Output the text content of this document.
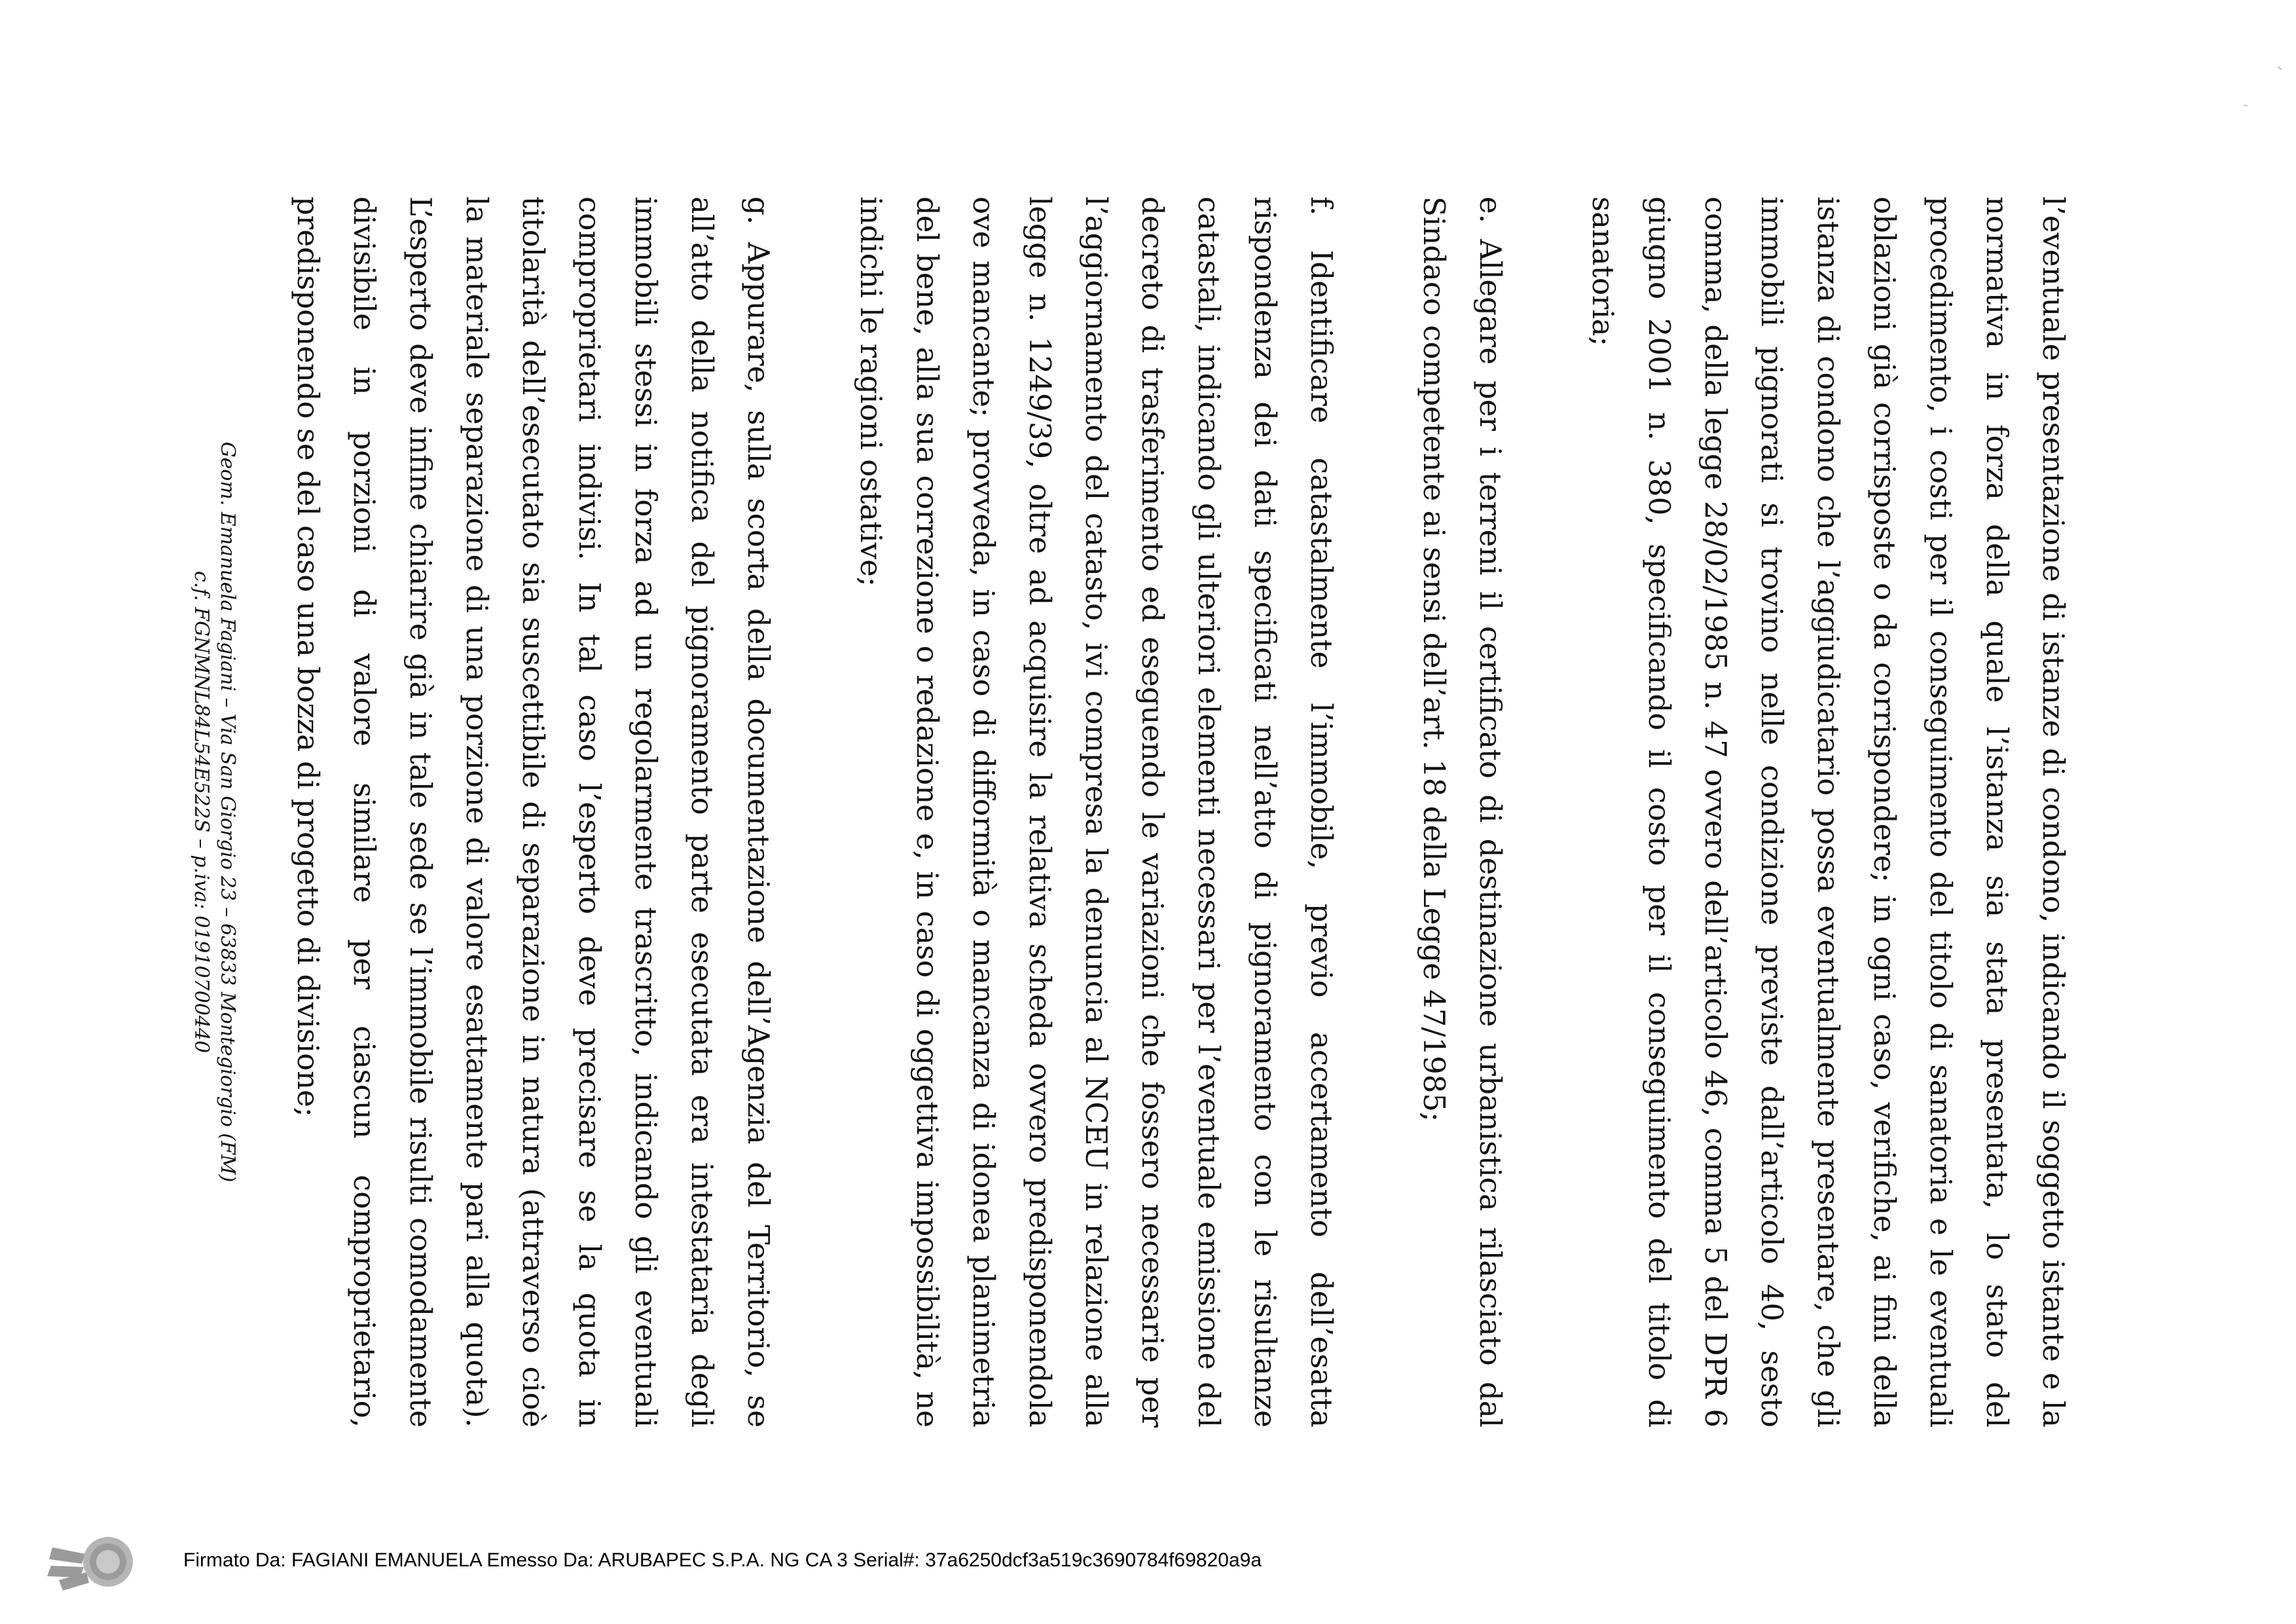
l’eventuale presentazione di istanze di condono, indicando il soggetto istante e la normativa in forza della quale l’istanza sia stata presentata, lo stato del procedimento, i costi per il conseguimento del titolo di sanatoria e le eventuali oblazioni già corrisposte o da corrispondere; in ogni caso, verifiche, ai fini della istanza di condono che l’aggiudicatario possa eventualmente presentare, che gli immobili pignorati si trovino nelle condizione previste dall’articolo 40, sesto comma, della legge 28/02/1985 n. 47 ovvero dell’articolo 46, comma 5 del DPR 6 giugno 2001 n. 380, specificando il costo per il conseguimento del titolo di sanatoria;

e. Allegare per i terreni il certificato di destinazione urbanistica rilasciato dal Sindaco competente ai sensi dell’art. 18 della Legge 47/1985;

f. Identificare catastalmente l’immobile, previo accertamento dell’esatta rispondenza dei dati specificati nell’atto di pignoramento con le risultanze catastali, indicando gli ulteriori elementi necessari per l’eventuale emissione del decreto di trasferimento ed eseguendo le variazioni che fossero necessarie per l’aggiornamento del catasto, ivi compresa la denuncia al NCEU in relazione alla legge n. 1249/39, oltre ad acquisire la relativa scheda ovvero predisponendola ove mancante; provveda, in caso di difformità o mancanza di idonea planimetria del bene, alla sua correzione o redazione e, in caso di oggettiva impossibilità, ne indichi le ragioni ostative;

g. Appurare, sulla scorta della documentazione dell’Agenzia del Territorio, se all’atto della notifica del pignoramento parte esecutata era intestataria degli immobili stessi in forza ad un regolarmente trascritto, indicando gli eventuali comproprietari indivisi. In tal caso l’esperto deve precisare se la quota in titolarità dell’esecutato sia suscettibile di separazione in natura (attraverso cioè la materiale separazione di una porzione di valore esattamente pari alla quota). L’esperto deve infine chiarire già in tale sede se l’immobile risulti comodamente divisibile in porzioni di valore similare per ciascun comproprietario, predisponendo se del caso una bozza di progetto di divisione;

Geom. Emanuela Fagiani – Via San Giorgio 23 – 63833 Montegiorgio (FM)
c.f. FGNMNL84L54E522S – p.iva: 01910700440
Firmato Da: FAGIANI EMANUELA Emesso Da: ARUBAPEC S.P.A. NG CA 3 Serial#: 37a6250dcf3a519c3690784f69820a9a
